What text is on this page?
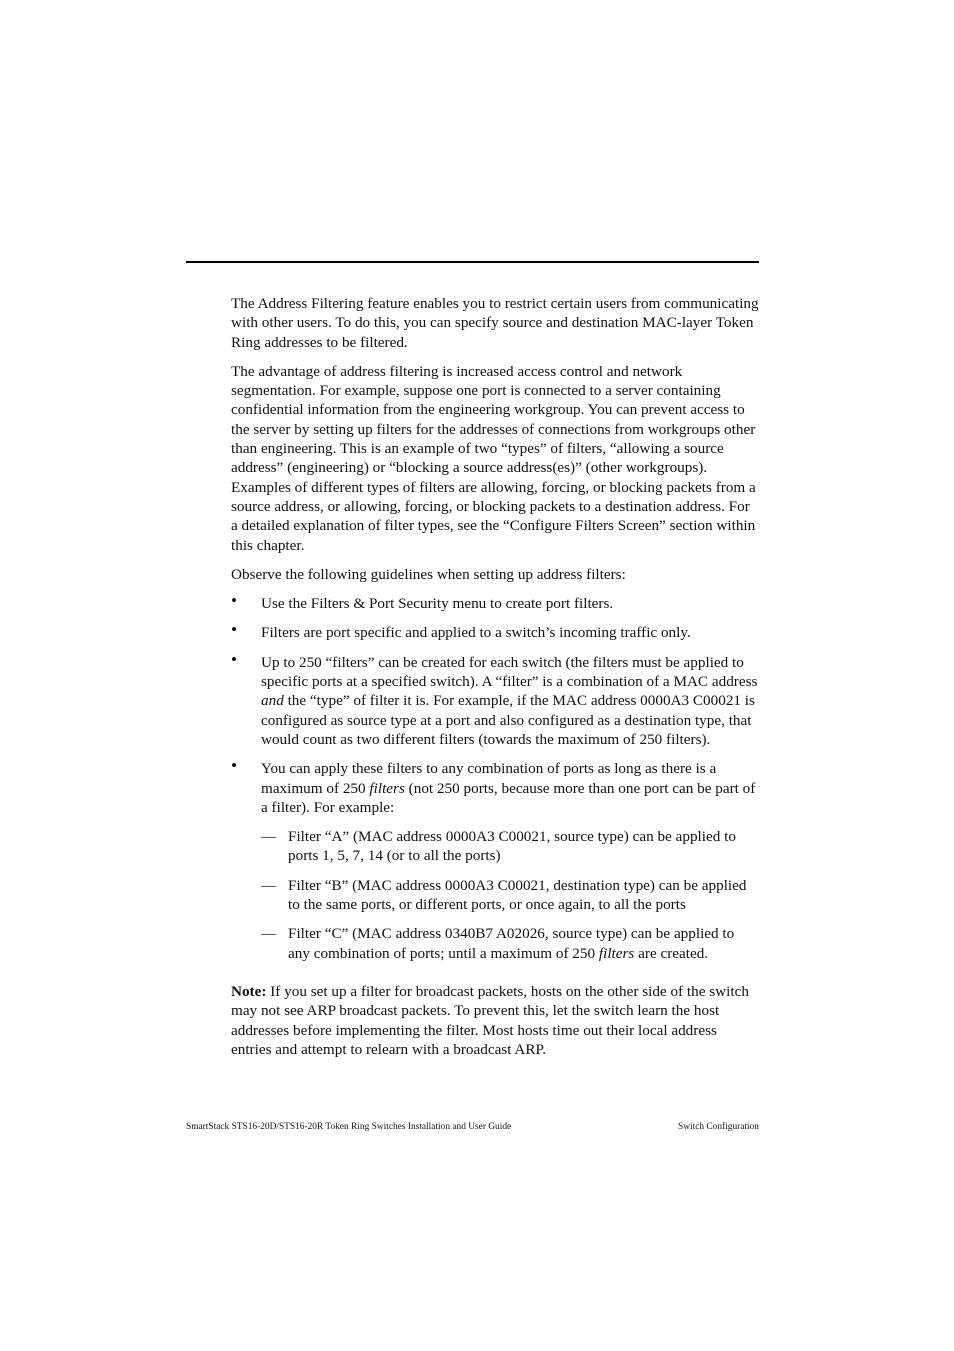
The Address Filtering feature enables you to restrict certain users from communicating with other users. To do this, you can specify source and destination MAC-layer Token Ring addresses to be filtered.

The advantage of address filtering is increased access control and network segmentation. For example, suppose one port is connected to a server containing confidential information from the engineering workgroup. You can prevent access to the server by setting up filters for the addresses of connections from workgroups other than engineering. This is an example of two “types” of filters, “allowing a source address” (engineering) or “blocking a source address(es)” (other workgroups). Examples of different types of filters are allowing, forcing, or blocking packets from a source address, or allowing, forcing, or blocking packets to a destination address. For a detailed explanation of filter types, see the “Configure Filters Screen” section within this chapter.

Observe the following guidelines when setting up address filters:

• Use the Filters & Port Security menu to create port filters.
• Filters are port specific and applied to a switch’s incoming traffic only.
• Up to 250 “filters” can be created for each switch (the filters must be applied to specific ports at a specified switch). A “filter” is a combination of a MAC address and the “type” of filter it is. For example, if the MAC address 0000A3 C00021 is configured as source type at a port and also configured as a destination type, that would count as two different filters (towards the maximum of 250 filters).
• You can apply these filters to any combination of ports as long as there is a maximum of 250 filters (not 250 ports, because more than one port can be part of a filter). For example:
— Filter “A” (MAC address 0000A3 C00021, source type) can be applied to ports 1, 5, 7, 14 (or to all the ports)
— Filter “B” (MAC address 0000A3 C00021, destination type) can be applied to the same ports, or different ports, or once again, to all the ports
— Filter “C” (MAC address 0340B7 A02026, source type) can be applied to any combination of ports; until a maximum of 250 filters are created.

Note: If you set up a filter for broadcast packets, hosts on the other side of the switch may not see ARP broadcast packets. To prevent this, let the switch learn the host addresses before implementing the filter. Most hosts time out their local address entries and attempt to relearn with a broadcast ARP.

SmartStack STS16-20D/STS16-20R Token Ring Switches Installation and User Guide	Switch Configuration
